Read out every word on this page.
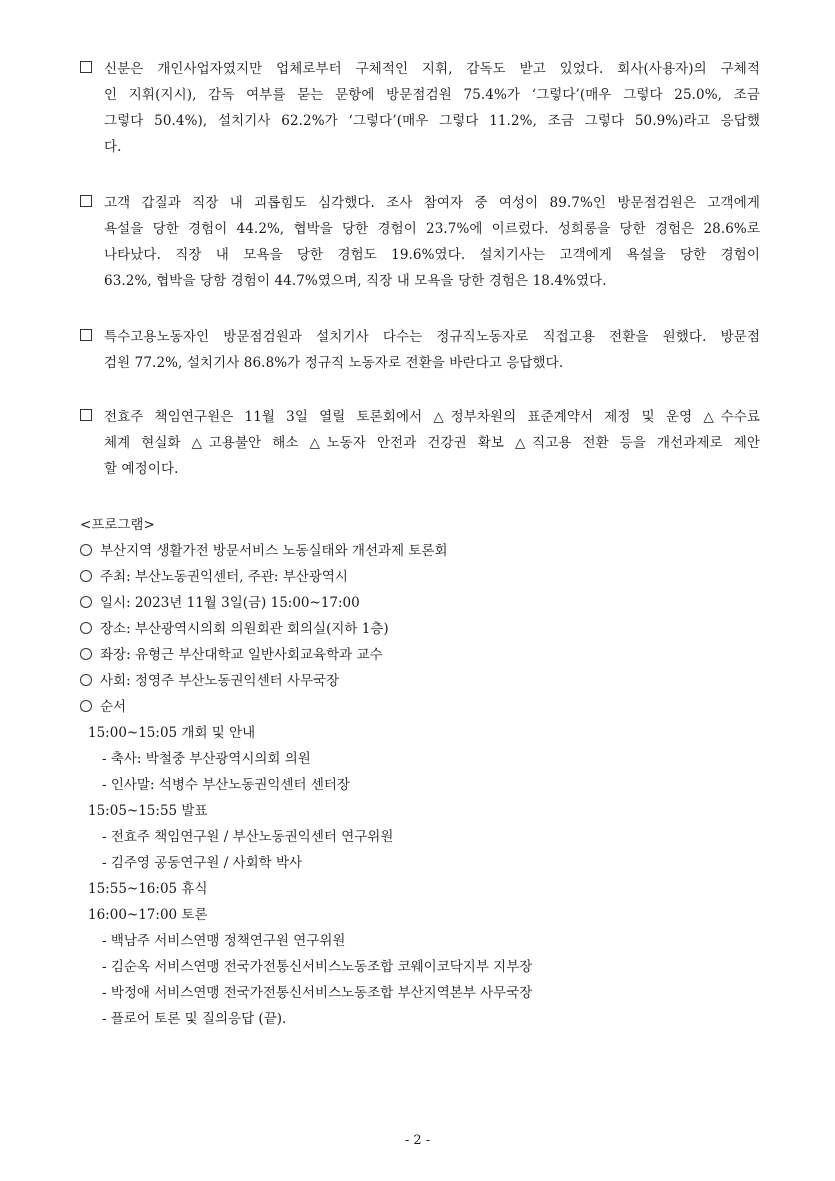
신분은 개인사업자였지만 업체로부터 구체적인 지휘, 감독도 받고 있었다. 회사(사용자)의 구체적
인 지휘(지시), 감독 여부를 묻는 문항에 방문점검원 75.4%가 ‘그렇다’(매우 그렇다 25.0%, 조금
그렇다 50.4%), 설치기사 62.2%가 ‘그렇다’(매우 그렇다 11.2%, 조금 그렇다 50.9%)라고 응답했
다.
고객 갑질과 직장 내 괴롭힘도 심각했다. 조사 참여자 중 여성이 89.7%인 방문점검원은 고객에게
욕설을 당한 경험이 44.2%, 협박을 당한 경험이 23.7%에 이르렀다. 성희롱을 당한 경험은 28.6%로
나타났다. 직장 내 모욕을 당한 경험도 19.6%였다. 설치기사는 고객에게 욕설을 당한 경험이
63.2%, 협박을 당함 경험이 44.7%였으며, 직장 내 모욕을 당한 경험은 18.4%였다.
특수고용노동자인 방문점검원과 설치기사 다수는 정규직노동자로 직접고용 전환을 원했다. 방문점
검원 77.2%, 설치기사 86.8%가 정규직 노동자로 전환을 바란다고 응답했다.
전효주 책임연구원은 11월 3일 열릴 토론회에서 △정부차원의 표준계약서 제정 및 운영 △수수료
체계 현실화 △고용불안 해소 △노동자 안전과 건강권 확보 △직고용 전환 등을 개선과제로 제안
할 예정이다.
<프로그램>
부산지역 생활가전 방문서비스 노동실태와 개선과제 토론회
주최: 부산노동권익센터, 주관: 부산광역시
일시: 2023년 11월 3일(금) 15:00~17:00
장소: 부산광역시의회 의원회관 회의실(지하 1층)
좌장: 유형근 부산대학교 일반사회교육학과 교수
사회: 정영주 부산노동권익센터 사무국장
순서
15:00~15:05 개회 및 안내
- 축사: 박철중 부산광역시의회 의원
- 인사말: 석병수 부산노동권익센터 센터장
15:05~15:55 발표
- 전효주 책임연구원 / 부산노동권익센터 연구위원
- 김주영 공동연구원 / 사회학 박사
15:55~16:05 휴식
16:00~17:00 토론
- 백남주 서비스연맹 정책연구원 연구위원
- 김순옥 서비스연맹 전국가전통신서비스노동조합 코웨이코닥지부 지부장
- 박정애 서비스연맹 전국가전통신서비스노동조합 부산지역본부 사무국장
- 플로어 토론 및 질의응답 (끝).
- 2 -
